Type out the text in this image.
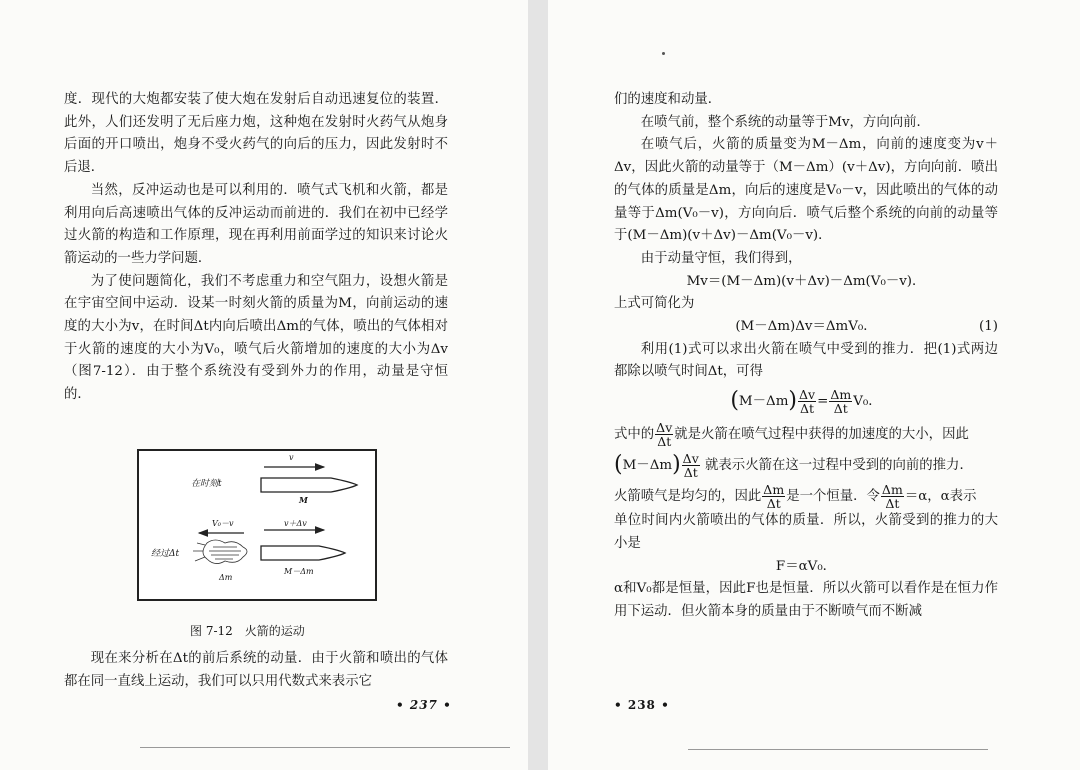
度．现代的大炮都安装了使大炮在发射后自动迅速复位的装置．此外，人们还发明了无后座力炮，这种炮在发射时火药气从炮身后面的开口喷出，炮身不受火药气的向后的压力，因此发射时不后退．

当然，反冲运动也是可以利用的．喷气式飞机和火箭，都是利用向后高速喷出气体的反冲运动而前进的．我们在初中已经学过火箭的构造和工作原理，现在再利用前面学过的知识来讨论火箭运动的一些力学问题．

为了使问题简化，我们不考虑重力和空气阻力，设想火箭是在宇宙空间中运动．设某一时刻火箭的质量为M，向前运动的速度的大小为v，在时间Δt内向后喷出Δm的气体，喷出的气体相对于火箭的速度的大小为V₀，喷气后火箭增加的速度的大小为Δv（图7-12）．由于整个系统没有受到外力的作用，动量是守恒的．

在时刻t
v
M
V₀－v	v＋Δv
经过Δt
Δm
M－Δm
图 7-12　火箭的运动

现在来分析在Δt的前后系统的动量．由于火箭和喷出的气体都在同一直线上运动，我们可以只用代数式来表示它

• 237 •

们的速度和动量．

在喷气前，整个系统的动量等于Mv，方向向前．

在喷气后，火箭的质量变为M－Δm，向前的速度变为v＋Δv，因此火箭的动量等于（M－Δm）(v＋Δv)，方向向前．喷出的气体的质量是Δm，向后的速度是V₀－v，因此喷出的气体的动量等于Δm(V₀－v)，方向向后．喷气后整个系统的向前的动量等于(M－Δm)(v＋Δv)－Δm(V₀－v)．

由于动量守恒，我们得到，

Mv＝(M－Δm)(v＋Δv)－Δm(V₀－v)．

上式可简化为

(M－Δm)Δv＝ΔmV₀．	(1)

利用(1)式可以求出火箭在喷气中受到的推力．把(1)式两边都除以喷气时间Δt，可得

$(M-\Delta m) \frac{\Delta v}{\Delta t} = \frac{\Delta m}{\Delta t} V_0$．

式中的 $\frac{\Delta v}{\Delta t}$ 就是火箭在喷气过程中获得的加速度的大小，因此

$(M-\Delta m) \frac{\Delta v}{\Delta t}$ 就表示火箭在这一过程中受到的向前的推力．

火箭喷气是均匀的，因此 $\frac{\Delta m}{\Delta t}$ 是一个恒量．令 $\frac{\Delta m}{\Delta t} =\alpha$，α表示

单位时间内火箭喷出的气体的质量．所以，火箭受到的推力的大小是

F＝αV₀．

α和V₀都是恒量，因此F也是恒量．所以火箭可以看作是在恒力作用下运动．但火箭本身的质量由于不断喷气而不断减

• 238 •
